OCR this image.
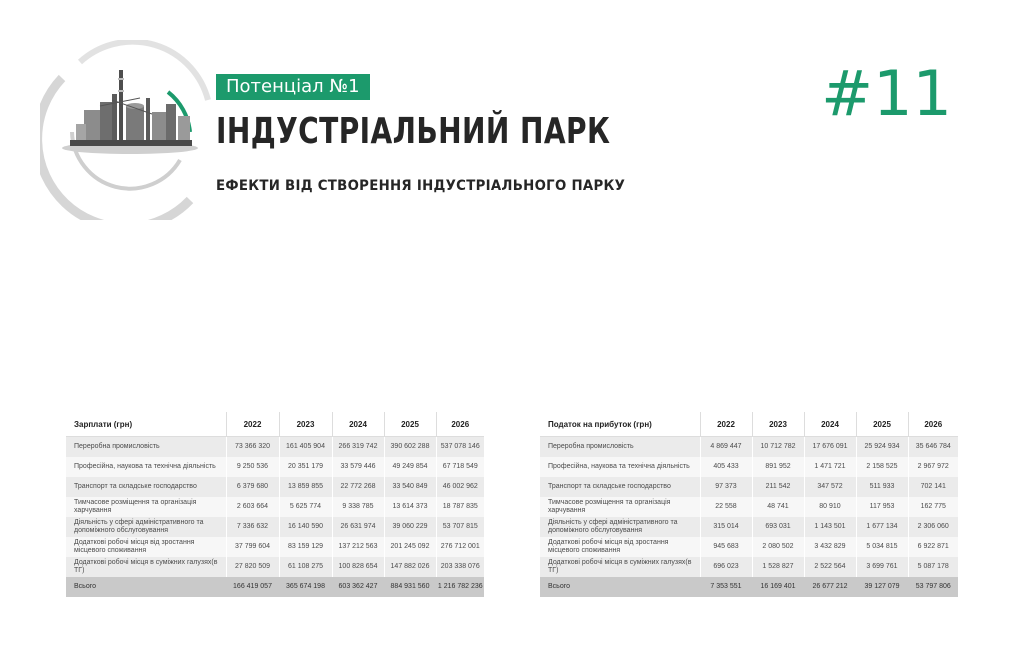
Потенціал №1
ІНДУСТРІАЛЬНИЙ ПАРК
ЕФЕКТИ ВІД СТВОРЕННЯ ІНДУСТРІАЛЬНОГО ПАРКУ
#11
Зарплати (грн)	2022	2023	2024	2025	2026
Переробна промисловість	73 366 320	161 405 904	266 319 742	390 602 288	537 078 146
Професійна, наукова та технічна діяльність	9 250 536	20 351 179	33 579 446	49 249 854	67 718 549
Транспорт та складське господарство	6 379 680	13 859 855	22 772 268	33 540 849	46 002 962
Тимчасове розміщення та організація харчування	2 603 664	5 625 774	9 338 785	13 614 373	18 787 835
Діяльність у сфері адміністративного та допоміжного обслуговування	7 336 632	16 140 590	26 631 974	39 060 229	53 707 815
Додаткові робочі місця від зростання місцевого споживання	37 799 604	83 159 129	137 212 563	201 245 092	276 712 001
Додаткові робочі місця в суміжних галузях(в ТГ)	27 820 509	61 108 275	100 828 654	147 882 026	203 338 076
Всього	166 419 057	365 674 198	603 362 427	884 931 560	1 216 782 236
Податок на прибуток (грн)	2022	2023	2024	2025	2026
Переробна промисловість	4 869 447	10 712 782	17 676 091	25 924 934	35 646 784
Професійна, наукова та технічна діяльність	405 433	891 952	1 471 721	2 158 525	2 967 972
Транспорт та складське господарство	97 373	211 542	347 572	511 933	702 141
Тимчасове розміщення та організація харчування	22 558	48 741	80 910	117 953	162 775
Діяльність у сфері адміністративного та допоміжного обслуговування	315 014	693 031	1 143 501	1 677 134	2 306 060
Додаткові робочі місця від зростання місцевого споживання	945 683	2 080 502	3 432 829	5 034 815	6 922 871
Додаткові робочі місця в суміжних галузях(в ТГ)	696 023	1 528 827	2 522 564	3 699 761	5 087 178
Всього	7 353 551	16 169 401	26 677 212	39 127 079	53 797 806
